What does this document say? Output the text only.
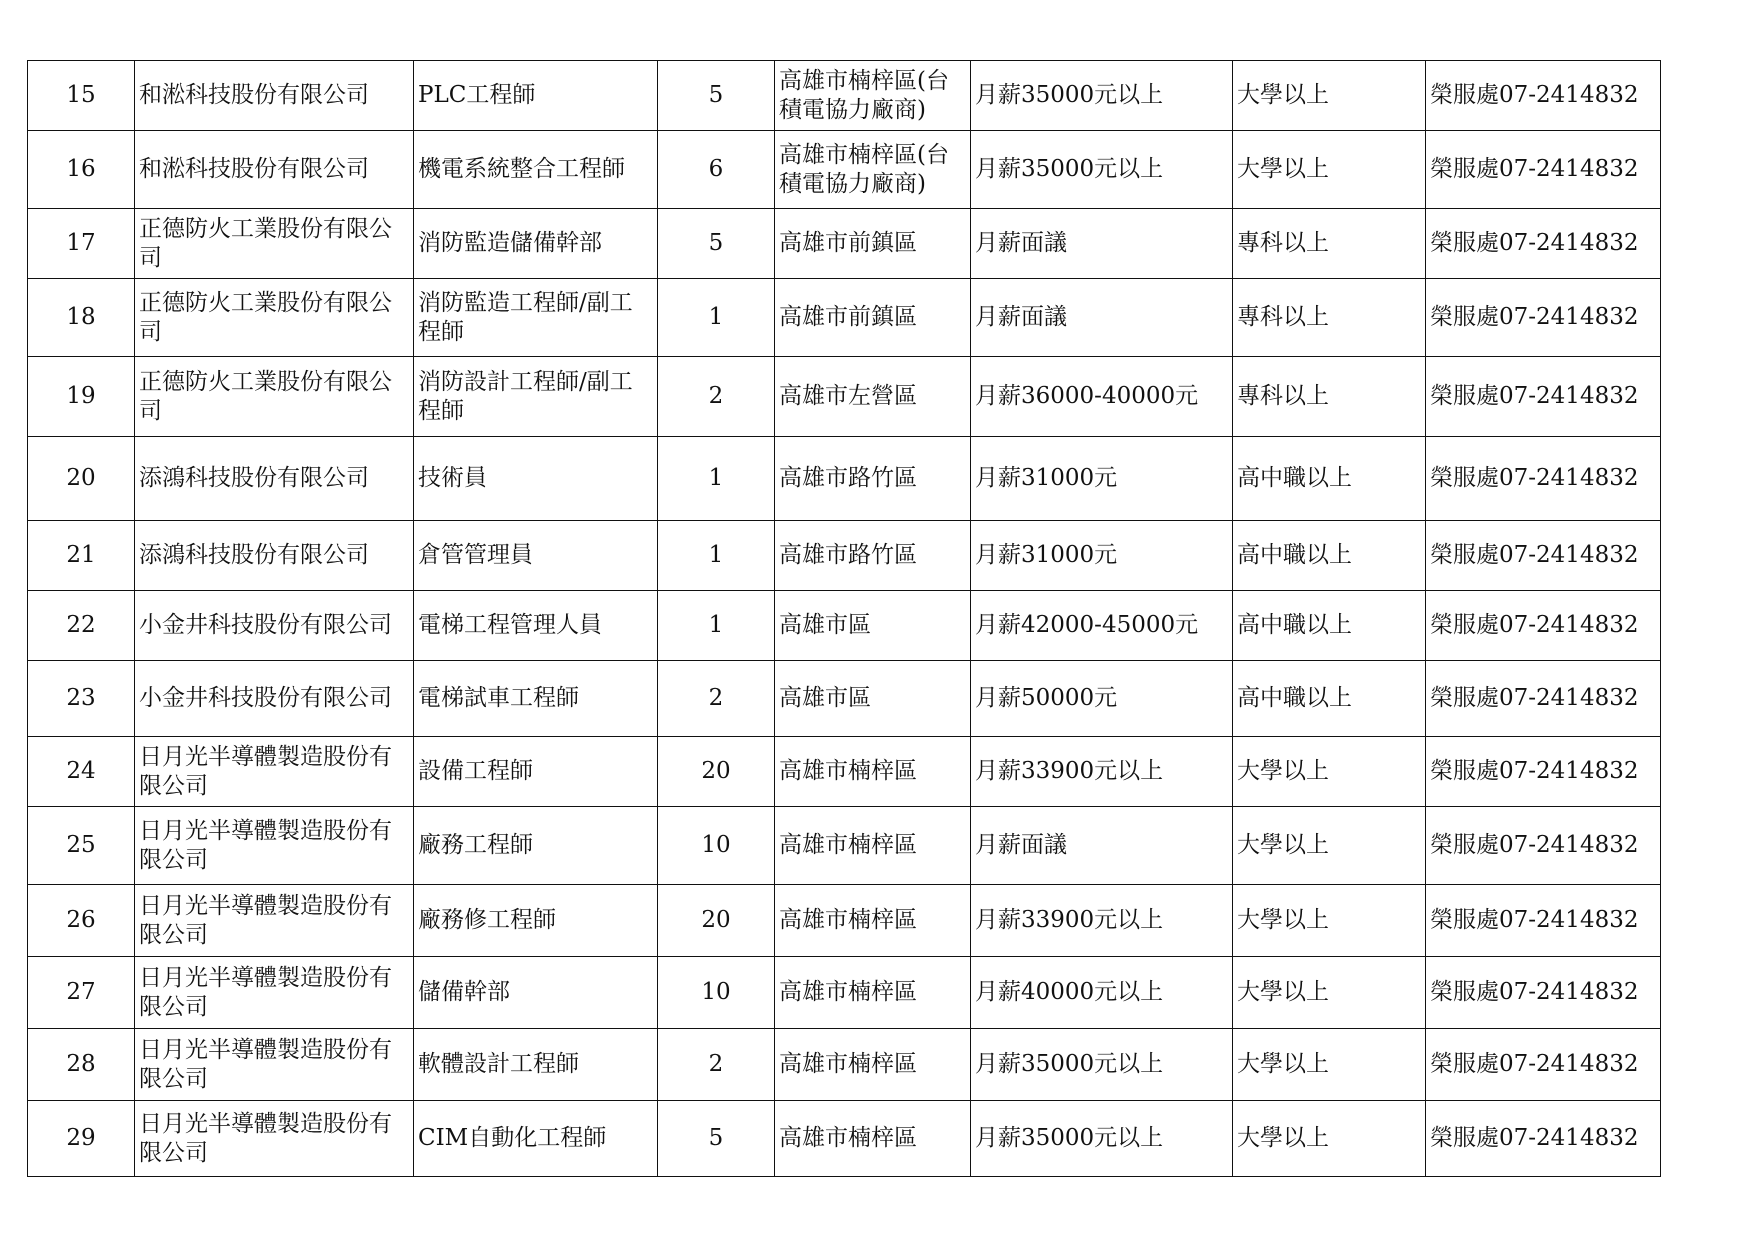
15	和淞科技股份有限公司	PLC工程師	5	高雄市楠梓區(台積電協力廠商)	月薪35000元以上	大學以上	榮服處07-2414832
16	和淞科技股份有限公司	機電系統整合工程師	6	高雄市楠梓區(台積電協力廠商)	月薪35000元以上	大學以上	榮服處07-2414832
17	正德防火工業股份有限公司	消防監造儲備幹部	5	高雄市前鎮區	月薪面議	專科以上	榮服處07-2414832
18	正德防火工業股份有限公司	消防監造工程師/副工程師	1	高雄市前鎮區	月薪面議	專科以上	榮服處07-2414832
19	正德防火工業股份有限公司	消防設計工程師/副工程師	2	高雄市左營區	月薪36000-40000元	專科以上	榮服處07-2414832
20	添鴻科技股份有限公司	技術員	1	高雄市路竹區	月薪31000元	高中職以上	榮服處07-2414832
21	添鴻科技股份有限公司	倉管管理員	1	高雄市路竹區	月薪31000元	高中職以上	榮服處07-2414832
22	小金井科技股份有限公司	電梯工程管理人員	1	高雄市區	月薪42000-45000元	高中職以上	榮服處07-2414832
23	小金井科技股份有限公司	電梯試車工程師	2	高雄市區	月薪50000元	高中職以上	榮服處07-2414832
24	日月光半導體製造股份有限公司	設備工程師	20	高雄市楠梓區	月薪33900元以上	大學以上	榮服處07-2414832
25	日月光半導體製造股份有限公司	廠務工程師	10	高雄市楠梓區	月薪面議	大學以上	榮服處07-2414832
26	日月光半導體製造股份有限公司	廠務修工程師	20	高雄市楠梓區	月薪33900元以上	大學以上	榮服處07-2414832
27	日月光半導體製造股份有限公司	儲備幹部	10	高雄市楠梓區	月薪40000元以上	大學以上	榮服處07-2414832
28	日月光半導體製造股份有限公司	軟體設計工程師	2	高雄市楠梓區	月薪35000元以上	大學以上	榮服處07-2414832
29	日月光半導體製造股份有限公司	CIM自動化工程師	5	高雄市楠梓區	月薪35000元以上	大學以上	榮服處07-2414832
